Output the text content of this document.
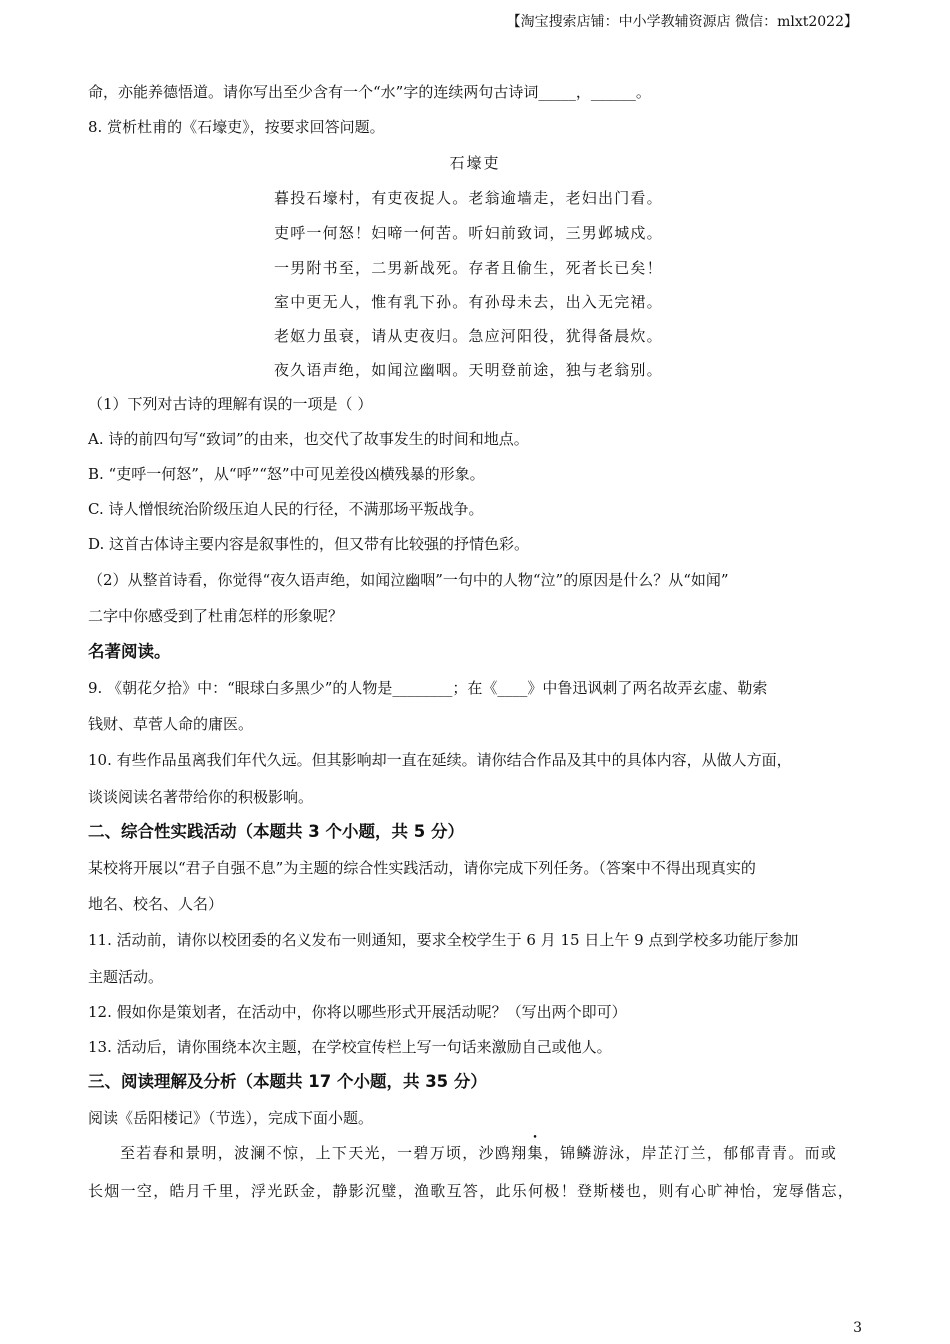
【淘宝搜索店铺：中小学教辅资源店 微信：mlxt2022】
命，亦能养德悟道。请你写出至少含有一个“水”字的连续两句古诗词_____，______。
8. 赏析杜甫的《石壕吏》，按要求回答问题。
石壕吏
暮投石壕村，有吏夜捉人。老翁逾墙走，老妇出门看。
吏呼一何怒！妇啼一何苦。听妇前致词，三男邺城戍。
一男附书至，二男新战死。存者且偷生，死者长已矣！
室中更无人，惟有乳下孙。有孙母未去，出入无完裙。
老妪力虽衰，请从吏夜归。急应河阳役，犹得备晨炊。
夜久语声绝，如闻泣幽咽。天明登前途，独与老翁别。
（1）下列对古诗的理解有误的一项是（ ）
A. 诗的前四句写“致词”的由来，也交代了故事发生的时间和地点。
B. “吏呼一何怒”，从“呼”“怒”中可见差役凶横残暴的形象。
C. 诗人憎恨统治阶级压迫人民的行径，不满那场平叛战争。
D. 这首古体诗主要内容是叙事性的，但又带有比较强的抒情色彩。
（2）从整首诗看，你觉得“夜久语声绝，如闻泣幽咽”一句中的人物“泣”的原因是什么？从“如闻”
二字中你感受到了杜甫怎样的形象呢？
名著阅读。
9. 《朝花夕拾》中：“眼球白多黑少”的人物是________；在《____》中鲁迅讽刺了两名故弄玄虚、勒索
钱财、草菅人命的庸医。
10. 有些作品虽离我们年代久远。但其影响却一直在延续。请你结合作品及其中的具体内容，从做人方面，
谈谈阅读名著带给你的积极影响。
二、综合性实践活动（本题共 3 个小题，共 5 分）
某校将开展以“君子自强不息”为主题的综合性实践活动，请你完成下列任务。（答案中不得出现真实的
地名、校名、人名）
11. 活动前，请你以校团委的名义发布一则通知，要求全校学生于 6 月 15 日上午 9 点到学校多功能厅参加
主题活动。
12. 假如你是策划者，在活动中，你将以哪些形式开展活动呢？（写出两个即可）
13. 活动后，请你围绕本次主题，在学校宣传栏上写一句话来激励自己或他人。
三、阅读理解及分析（本题共 17 个小题，共 35 分）
阅读《岳阳楼记》（节选），完成下面小题。
至若春和景明，波澜不惊，上下天光，一碧万顷，沙鸥翔集，锦鳞游泳，岸芷汀兰，郁郁青青。而或
长烟一空，皓月千里，浮光跃金，静影沉璧，渔歌互答，此乐何极！登斯楼也，则有心旷神怡，宠辱偕忘，
3
